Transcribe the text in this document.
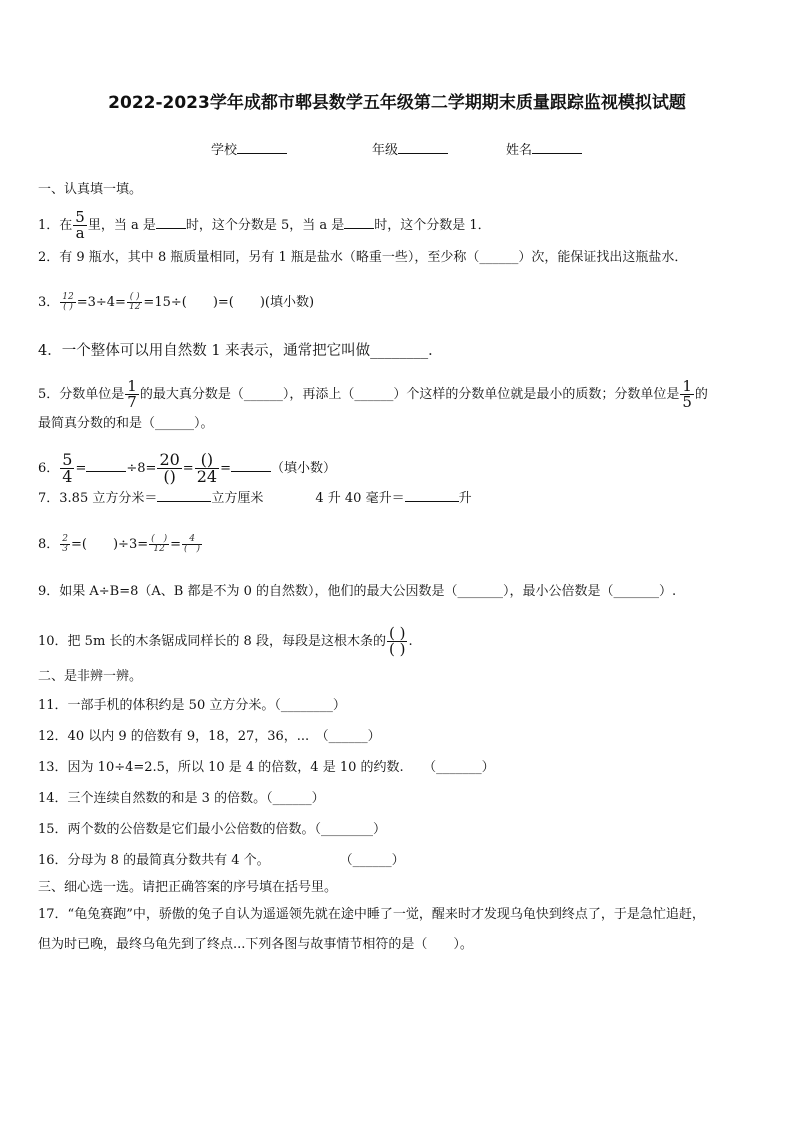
2022-2023学年成都市郫县数学五年级第二学期期末质量跟踪监视模拟试题
学校	年级	姓名
一、认真填一填。
1．在 $\frac{5}{a}$ 里，当 a 是 时，这个分数是 5，当 a 是 时，这个分数是 1．
2．有 9 瓶水，其中 8 瓶质量相同，另有 1 瓶是盐水（略重一些），至少称（______）次，能保证找出这瓶盐水．
3． $\frac{12}{( )} =3\div 4= \frac{( )}{12} =15\div$(　　)=(　　)(填小数)
4．一个整体可以用自然数 1 来表示，通常把它叫做________．
5．分数单位是 $\frac{1}{7}$ 的最大真分数是（______），再添上（______）个这样的分数单位就是最小的质数；分数单位是 $\frac{1}{5}$ 的
最简真分数的和是（______）。
6． $\frac{5}{4}$ =	$\div 8= \frac{20}{()} = \frac{()}{24}$ =	（填小数）
7．3.85 立方分米＝	立方厘米	4 升 40 毫升＝	升
8． $\frac{2}{3}$ =(　　)$\div 3= \frac{( )}{12} = \frac{4}{( )}$
9．如果 A÷B=8（A、B 都是不为 0 的自然数），他们的最大公因数是（_______），最小公倍数是（_______）.
10．把 5m 长的木条锯成同样长的 8 段，每段是这根木条的 $\frac{( )}{( )}$ .
二、是非辨一辨。
11．一部手机的体积约是 50 立方分米。（________）
12．40 以内 9 的倍数有 9，18，27，36，...　（______）
13．因为 10÷4=2.5，所以 10 是 4 的倍数，4 是 10 的约数.　　（_______）
14．三个连续自然数的和是 3 的倍数。（______）
15．两个数的公倍数是它们最小公倍数的倍数。（________）
16．分母为 8 的最简真分数共有 4 个。	（______）
三、细心选一选。请把正确答案的序号填在括号里。
17．“龟兔赛跑”中，骄傲的兔子自认为遥遥领先就在途中睡了一觉，醒来时才发现乌龟快到终点了，于是急忙追赶，
但为时已晚，最终乌龟先到了终点...下列各图与故事情节相符的是（　　）。
